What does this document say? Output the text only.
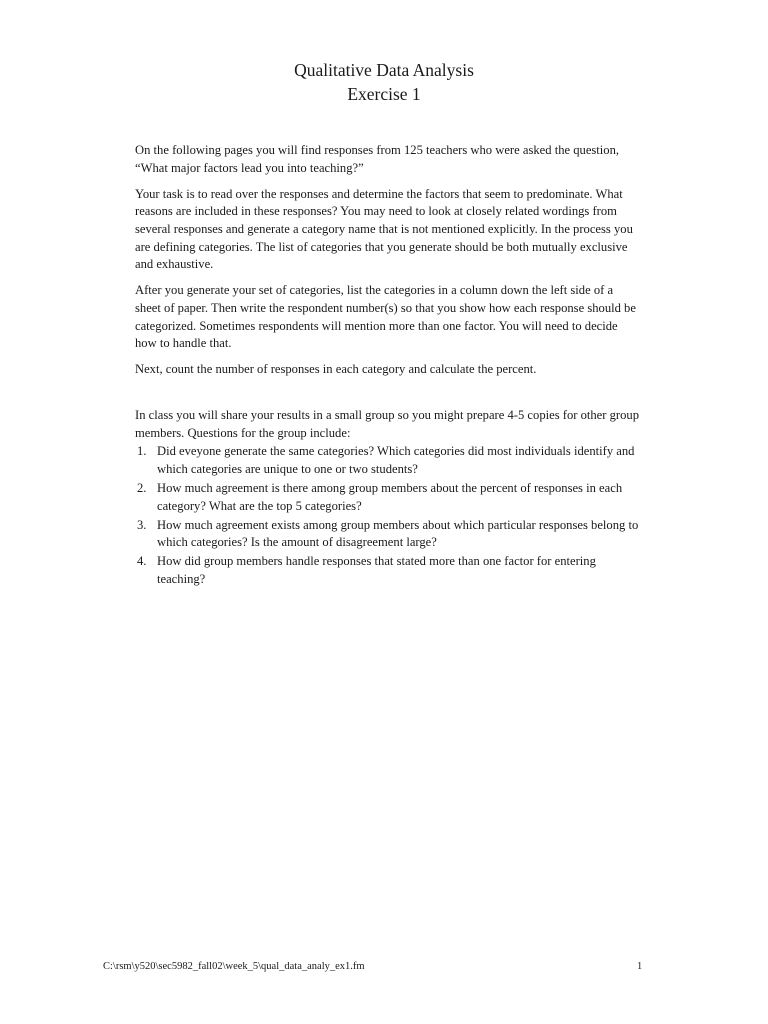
Qualitative Data Analysis
Exercise 1

On the following pages you will find responses from 125 teachers who were asked the question, “What major factors lead you into teaching?”

Your task is to read over the responses and determine the factors that seem to predominate. What reasons are included in these responses? You may need to look at closely related wordings from several responses and generate a category name that is not mentioned explicitly. In the process you are defining categories. The list of categories that you generate should be both mutually exclusive and exhaustive.

After you generate your set of categories, list the categories in a column down the left side of a sheet of paper. Then write the respondent number(s) so that you show how each response should be categorized. Sometimes respondents will mention more than one factor. You will need to decide how to handle that.

Next, count the number of responses in each category and calculate the percent.

In class you will share your results in a small group so you might prepare 4-5 copies for other group members. Questions for the group include:

1. Did eveyone generate the same categories? Which categories did most individuals identify and which categories are unique to one or two students?
2. How much agreement is there among group members about the percent of responses in each category? What are the top 5 categories?
3. How much agreement exists among group members about which particular responses belong to which categories? Is the amount of disagreement large?
4. How did group members handle responses that stated more than one factor for entering teaching?
C:\rsm\y520\sec5982_fall02\week_5\qual_data_analy_ex1.fm	1
